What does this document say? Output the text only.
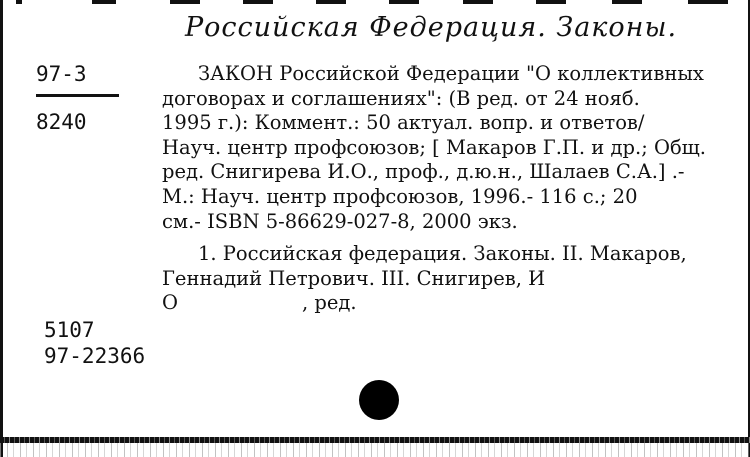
Российская Федерация. Законы.
97-3
8240

ЗАКОН Российской Федерации "О коллективных
договорах и соглашениях": (В ред. от 24 нояб.
1995 г.): Коммент.: 50 актуал. вопр. и ответов/
Науч. центр профсоюзов; [ Макаров Г.П. и др.; Общ.
ред. Снигирева И.О., проф., д.ю.н., Шалаев С.А.] .-
М.: Науч. центр профсоюзов, 1996.- 116 с.; 20
см.- ISBN 5-86629-027-8, 2000 экз.

1. Российская федерация. Законы. II. Макаров,
Геннадий Петрович. III. Снигирев, И
О                    , ред.

5107
97-22366
